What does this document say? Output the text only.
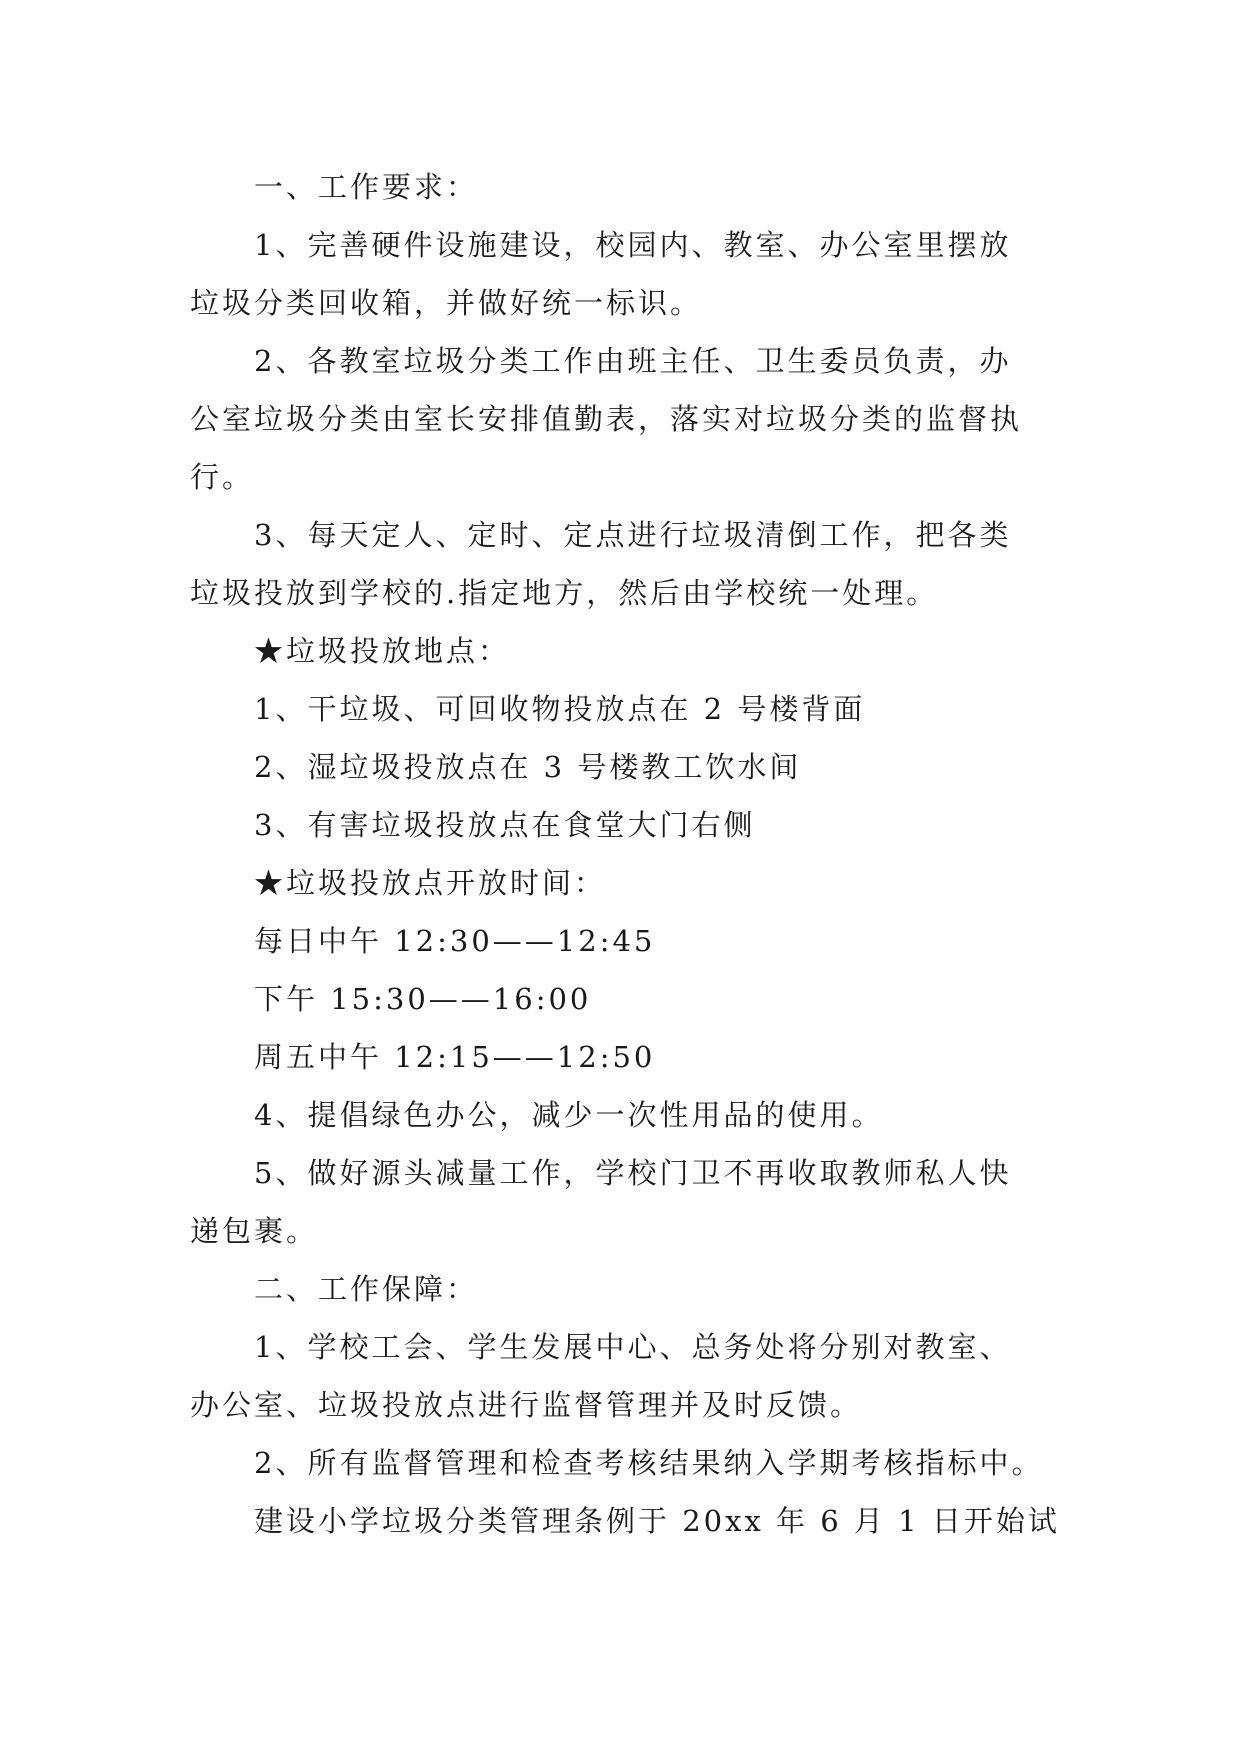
一、工作要求：

1、完善硬件设施建设，校园内、教室、办公室里摆放

垃圾分类回收箱，并做好统一标识。

2、各教室垃圾分类工作由班主任、卫生委员负责，办

公室垃圾分类由室长安排值勤表，落实对垃圾分类的监督执

行。

3、每天定人、定时、定点进行垃圾清倒工作，把各类

垃圾投放到学校的.指定地方，然后由学校统一处理。

★垃圾投放地点：

1、干垃圾、可回收物投放点在 2 号楼背面

2、湿垃圾投放点在 3 号楼教工饮水间

3、有害垃圾投放点在食堂大门右侧

★垃圾投放点开放时间：

每日中午 12:30——12:45

下午 15:30——16:00

周五中午 12:15——12:50

4、提倡绿色办公，减少一次性用品的使用。

5、做好源头减量工作，学校门卫不再收取教师私人快

递包裹。

二、工作保障：

1、学校工会、学生发展中心、总务处将分别对教室、

办公室、垃圾投放点进行监督管理并及时反馈。

2、所有监督管理和检查考核结果纳入学期考核指标中。

建设小学垃圾分类管理条例于 20xx 年 6 月 1 日开始试
